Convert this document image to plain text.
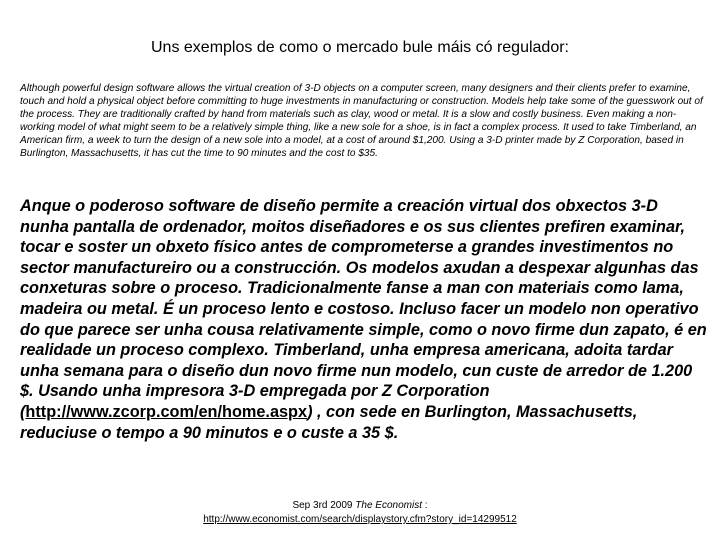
Uns exemplos de como o mercado bule máis có regulador:

Although powerful design software allows the virtual creation of 3-D objects on a computer screen, many designers and their clients prefer to examine, touch and hold a physical object before committing to huge investments in manufacturing or construction. Models help take some of the guesswork out of the process. They are traditionally crafted by hand from materials such as clay, wood or metal. It is a slow and costly business. Even making a non-working model of what might seem to be a relatively simple thing, like a new sole for a shoe, is in fact a complex process. It used to take Timberland, an American firm, a week to turn the design of a new sole into a model, at a cost of around $1,200. Using a 3-D printer made by Z Corporation, based in Burlington, Massachusetts, it has cut the time to 90 minutes and the cost to $35.

Anque o poderoso software de diseño permite a creación virtual dos obxectos 3-D nunha pantalla de ordenador, moitos diseñadores e os sus clientes prefiren examinar, tocar e soster un obxeto físico antes de comprometerse a grandes investimentos no sector manufactureiro ou a construcción. Os modelos axudan a despexar algunhas das conxeturas sobre o proceso. Tradicionalmente fanse a man con materiais como lama, madeira ou metal. É un proceso lento e costoso. Incluso facer un modelo non operativo do que parece ser unha cousa relativamente simple, como o novo firme dun zapato, é en realidade un proceso complexo. Timberland, unha empresa americana, adoita tardar unha semana para o diseño dun novo firme nun modelo, cun custe de arredor de 1.200 $. Usando unha impresora 3-D empregada por Z Corporation (http://www.zcorp.com/en/home.aspx) , con sede en Burlington, Massachusetts, reduciuse o tempo a 90 minutos e o custe a 35 $.

Sep 3rd 2009 The Economist :
http://www.economist.com/search/displaystory.cfm?story_id=14299512
